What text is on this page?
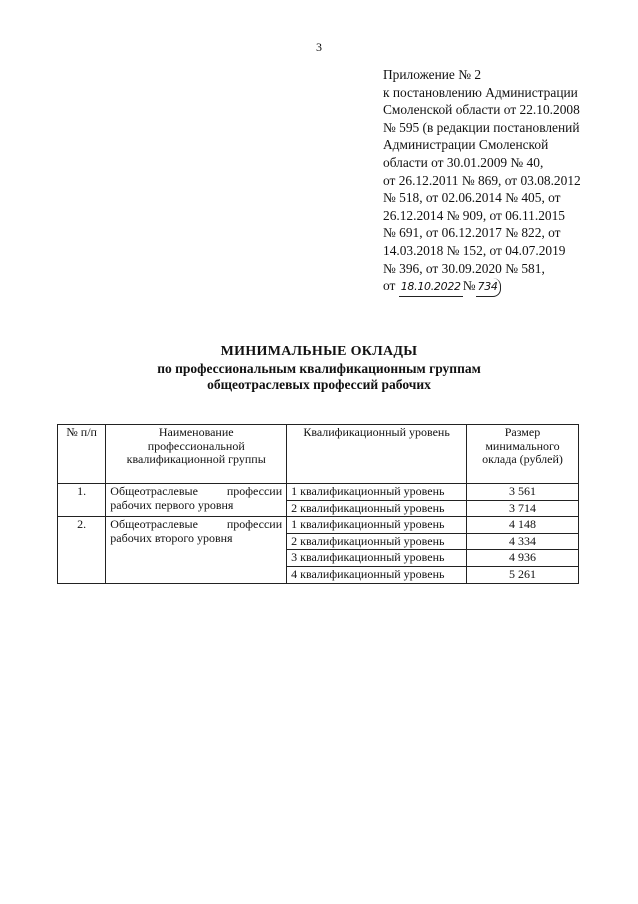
3
Приложение № 2
к постановлению Администрации
Смоленской области от 22.10.2008
№ 595 (в редакции постановлений
Администрации Смоленской
области от 30.01.2009 № 40,
от 26.12.2011 № 869, от 03.08.2012
№ 518, от 02.06.2014 № 405, от
26.12.2014 № 909, от 06.11.2015
№ 691, от 06.12.2017 № 822, от
14.03.2018 № 152, от 04.07.2019
№ 396, от 30.09.2020 № 581,
от 18.10.2022 № 734
МИНИМАЛЬНЫЕ ОКЛАДЫ
по профессиональным квалификационным группам
общеотраслевых профессий рабочих
№ п/п	Наименование профессиональной квалификационной группы	Квалификационный уровень	Размер минимального оклада (рублей)
1.	Общеотраслевые профессии рабочих первого уровня	1 квалификационный уровень	3 561
		2 квалификационный уровень	3 714
2.	Общеотраслевые профессии рабочих второго уровня	1 квалификационный уровень	4 148
		2 квалификационный уровень	4 334
		3 квалификационный уровень	4 936
		4 квалификационный уровень	5 261
